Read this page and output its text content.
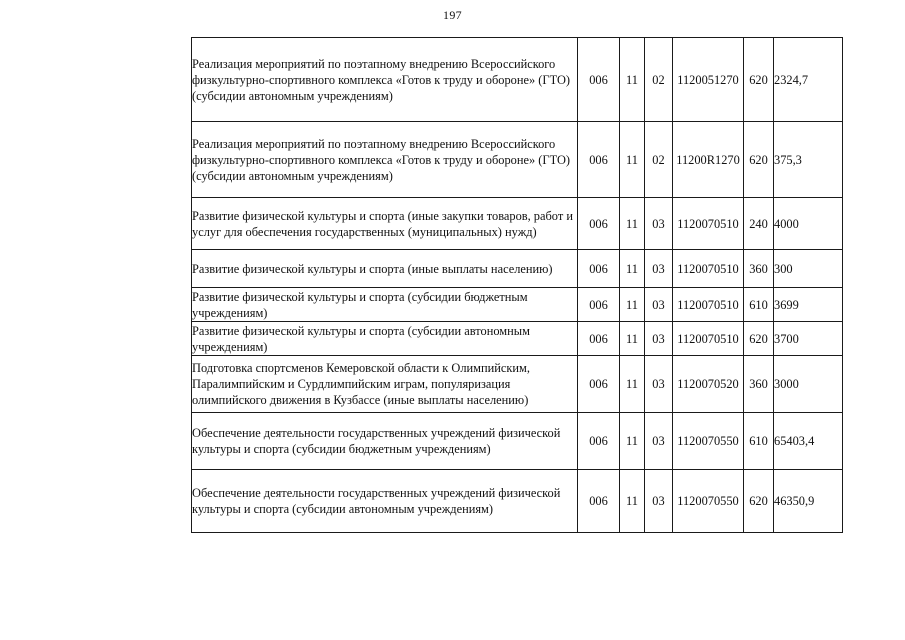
197
Реализация мероприятий по поэтапному внедрению Всероссийского физкультурно-спортивного комплекса «Готов к труду и обороне» (ГТО) (субсидии автономным учреждениям)	006	11	02	1120051270	620	2324,7
Реализация мероприятий по поэтапному внедрению Всероссийского физкультурно-спортивного комплекса «Готов к труду и обороне» (ГТО) (субсидии автономным учреждениям)	006	11	02	11200R1270	620	375,3
Развитие физической культуры и спорта (иные закупки товаров, работ и услуг для обеспечения государственных (муниципальных) нужд)	006	11	03	1120070510	240	4000
Развитие физической культуры и спорта (иные выплаты населению)	006	11	03	1120070510	360	300
Развитие физической культуры и спорта (субсидии бюджетным учреждениям)	006	11	03	1120070510	610	3699
Развитие физической культуры и спорта (субсидии автономным учреждениям)	006	11	03	1120070510	620	3700
Подготовка спортсменов Кемеровской области к Олимпийским, Паралимпийским и Сурдлимпийским играм, популяризация олимпийского движения в Кузбассе (иные выплаты населению)	006	11	03	1120070520	360	3000
Обеспечение деятельности государственных учреждений физической культуры и спорта (субсидии бюджетным учреждениям)	006	11	03	1120070550	610	65403,4
Обеспечение деятельности государственных учреждений физической культуры и спорта (субсидии автономным учреждениям)	006	11	03	1120070550	620	46350,9
